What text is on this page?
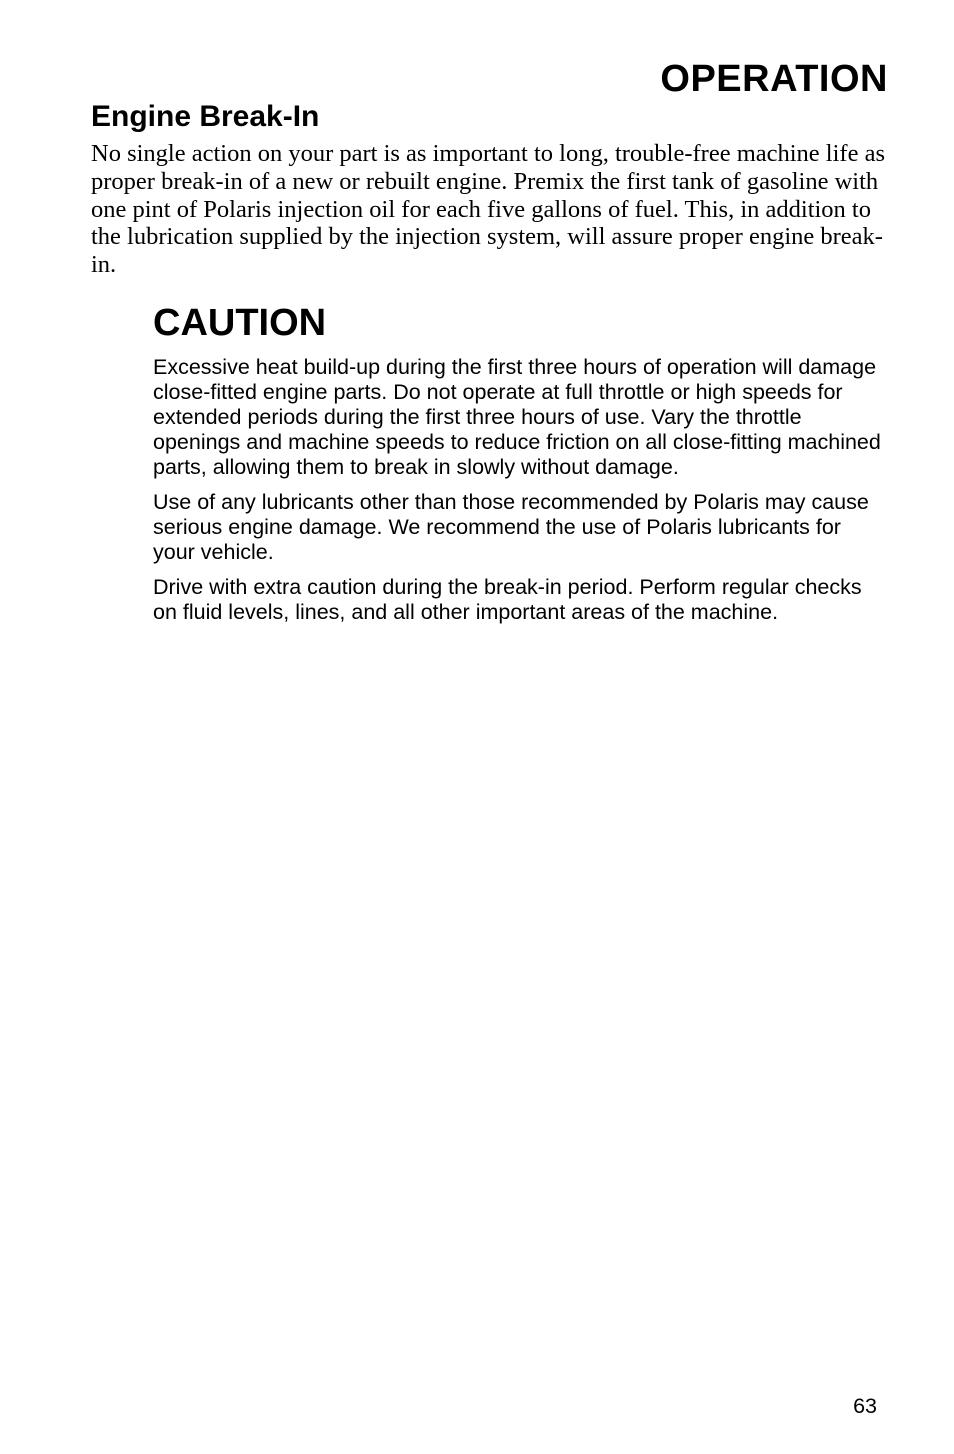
OPERATION
Engine Break-In

No single action on your part is as important to long, trouble-free machine life as proper break-in of a new or rebuilt engine. Premix the first tank of gasoline with one pint of Polaris injection oil for each five gallons of fuel. This, in addition to the lubrication supplied by the injection system, will assure proper engine break-in.

CAUTION

Excessive heat build-up during the first three hours of operation will damage close-fitted engine parts. Do not operate at full throttle or high speeds for extended periods during the first three hours of use. Vary the throttle openings and machine speeds to reduce friction on all close-fitting machined parts, allowing them to break in slowly without damage.

Use of any lubricants other than those recommended by Polaris may cause serious engine damage. We recommend the use of Polaris lubricants for your vehicle.

Drive with extra caution during the break-in period. Perform regular checks on fluid levels, lines, and all other important areas of the machine.

63
